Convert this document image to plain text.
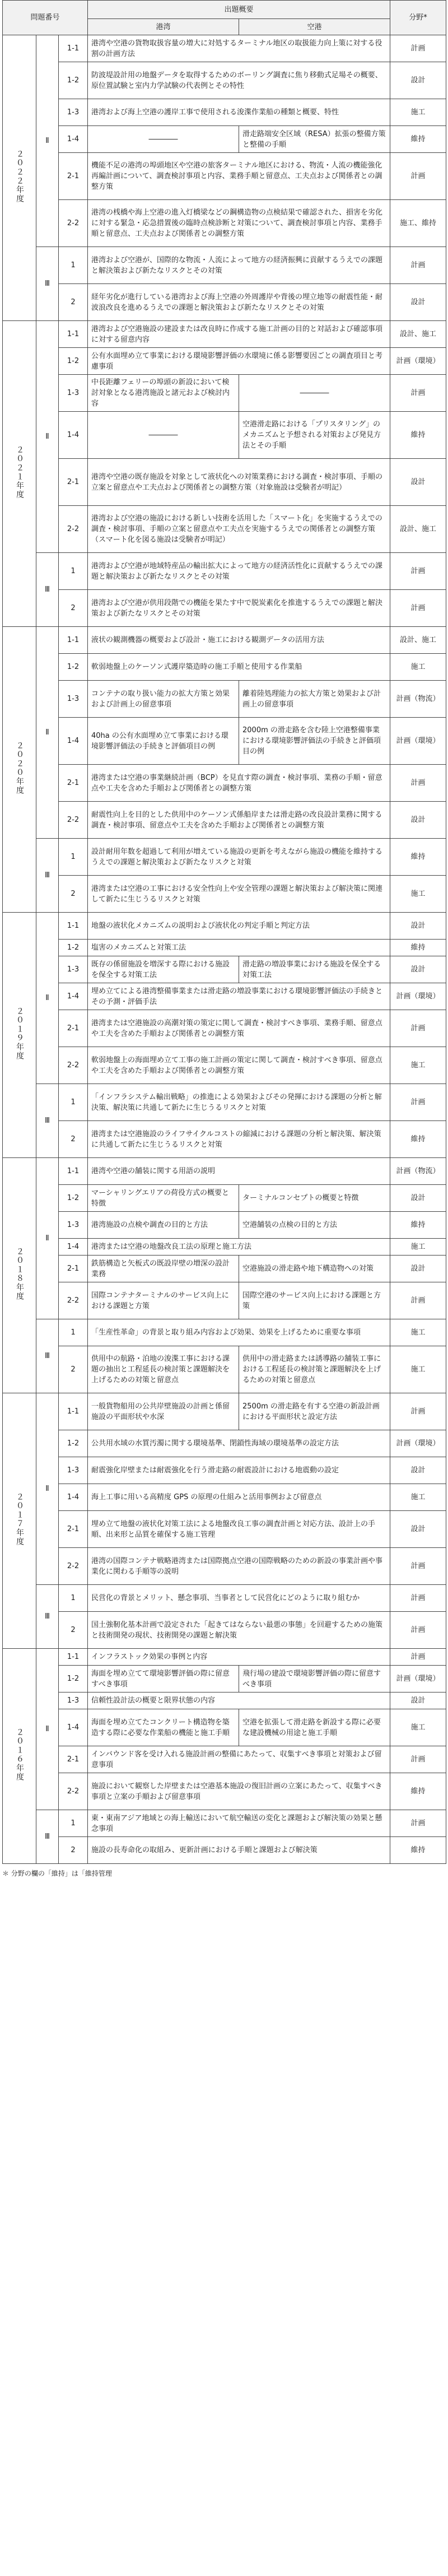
問題番号			出題概要		分野*
			港湾	空港	
２０２２年度	Ⅱ	1-1	港湾や空港の貨物取扱容量の増大に対処するターミナル地区の取扱能力向上策に対する役割の計画方法		計画
		1-2	防波堤設計用の地盤データを取得するためのボーリング調査に焦り移動式足場その概要、原位置試験と室内力学試験の代表例とその特性		設計
		1-3	港湾および海上空港の護岸工事で使用される浚渫作業船の種類と概要、特性		施工
		1-4	――――	滑走路端安全区域（RESA）拡張の整備方策と整備の手順	維持
		2-1	機能不足の港湾の埠頭地区や空港の旅客ターミナル地区における、物流・人流の機能強化再編計画について、調査検討事項と内容、業務手順と留意点、工夫点および関係者との調整方策		計画
		2-2	港湾の桟橋や海上空港の進入灯橋梁などの鋼構造物の点検結果で確認された、損害を劣化に対する緊急・応急措置後の臨時点検診断と対策について、調査検討事項と内容、業務手順と留意点、工夫点および関係者との調整方策		施工、維持
	Ⅲ	1	港湾および空港が、国際的な物流・人流によって地方の経済振興に貢献するうえでの課題と解決策および新たなリスクとその対策		計画
		2	経年劣化が進行している港湾および海上空港の外周護岸や背後の埋立地等の耐震性能・耐波浪改良を進めるうえでの課題と解決策および新たなリスクとその対策		設計
２０２１年度	Ⅱ	1-1	港湾および空港施設の建設または改良時に作成する施工計画の目的と対話および確認事項に対する留意内容		設計、施工
		1-2	公有水面埋め立て事業における環境影響評価の水環境に係る影響要因ごとの調査項目と考慮事項		計画（環境）
		1-3	中長距離フェリーの埠頭の新設において検討対象となる港湾施設と諸元および検討内容	――――	計画
		1-4	――――	空港滑走路における「プリスタリング」のメカニズムと予想される対策および発見方法とその手順	維持
		2-1	港湾や空港の既存施設を対象として液状化への対策業務における調査・検討事項、手順の立案と留意点や工夫点および関係者との調整方策（対象施設は受験者が明記）		設計
		2-2	港湾および空港の施設における新しい技術を活用した「スマート化」を実施するうえでの調査・検討事項、手順の立案と留意点や工夫点を実施するうえでの関係者との調整方策（スマート化を図る施設は受験者が明記）		設計、施工
	Ⅲ	1	港湾および空港が地域特産品の輸出拡大によって地方の経済活性化に貢献するうえでの課題と解決策および新たなリスクとその対策		計画
		2	港湾および空港が供用段階での機能を果たす中で脱炭素化を推進するうえでの課題と解決策および新たなリスクとその対策		計画
２０２０年度	Ⅱ	1-1	液状の観測機器の概要および設計・施工における観測データの活用方法		設計、施工
		1-2	軟弱地盤上のケーソン式護岸築造時の施工手順と使用する作業船		施工
		1-3	コンテナの取り扱い能力の拡大方策と効果および計画上の留意事項	離着陸処理能力の拡大方策と効果および計画上の留意事項	計画（物流）
		1-4	40ha の公有水面埋め立て事業における環境影響評価法の手続きと評価項目の例	2000m の滑走路を含む陸上空港整備事業における環境影響評価法の手続きと評価項目の例	計画（環境）
		2-1	港湾または空港の事業継続計画（BCP）を見直す際の調査・検討事項、業務の手順・留意点や工夫を含めた手順および関係者との調整方策		計画
		2-2	耐震性向上を目的とした供用中のケーソン式係船岸または滑走路の改良設計業務に関する調査・検討事項、留意点や工夫を含めた手順および関係者との調整方策		設計
	Ⅲ	1	設計耐用年数を超過して利用が増えている施設の更新を考えながら施設の機能を維持するうえでの課題と解決策および新たなリスクと対策		維持
		2	港湾または空港の工事における安全性向上や安全管理の課題と解決策および解決策に関連して新たに生じうるリスクと対策		施工
２０１９年度	Ⅱ	1-1	地盤の液状化メカニズムの説明および液状化の判定手順と判定方法		設計
		1-2	塩害のメカニズムと対策工法		維持
		1-3	既存の係留施設を増深する際における施設を保全する対策工法	滑走路の増設事業における施設を保全する対策工法	設計
		1-4	埋め立てによる港湾整備事業または滑走路の増設事業における環境影響評価法の手続きとその予測・評価手法		計画（環境）
		2-1	港湾または空港施設の高潮対策の策定に関して調査・検討すべき事項、業務手順、留意点や工夫を含めた手順および関係者との調整方策		計画
		2-2	軟弱地盤上の海面埋め立て工事の施工計画の策定に関して調査・検討すべき事項、留意点や工夫を含めた手順および関係者との調整方策		施工
	Ⅲ	1	「インフラシステム輸出戦略」の推進による効果およびその発揮における課題の分析と解決策、解決策に共通して新たに生じうるリスクと対策		計画
		2	港湾または空港施設のライフサイクルコストの縮減における課題の分析と解決策、解決策に共通して新たに生じうるリスクと対策		維持
２０１８年度	Ⅱ	1-1	港湾や空港の舗装に関する用語の説明		計画（物流）
		1-2	マーシャリングエリアの荷役方式の概要と特徴	ターミナルコンセプトの概要と特徴	設計
		1-3	港湾施設の点検や調査の目的と方法	空港舗装の点検の目的と方法	維持
		1-4	港湾または空港の地盤改良工法の原理と施工方法		施工
		2-1	鉄筋構造と矢板式の既設岸壁の増深の設計業務	空港施設の滑走路や地下構造物への対策	設計
		2-2	国際コンテナターミナルのサービス向上における課題と方策	国際空港のサービス向上における課題と方策	計画
	Ⅲ	1	「生産性革命」の背景と取り組み内容および効果、効果を上げるために重要な事項		施工
		2	供用中の航路・泊地の浚渫工事における課題の抽出と工程延長の検討策と課題解決を上げるための対策と留意点	供用中の滑走路または誘導路の舗装工事における工程延長の検討策と課題解決を上げるための対策と留意点	施工
２０１７年度	Ⅱ	1-1	一般貨物船用の公共岸壁施設の計画と係留施設の平面形状や水深	2500m の滑走路を有する空港の新設計画における平面形状と設定方法	計画
		1-2	公共用水域の水質汚濁に関する環境基準、閉鎖性海域の環境基準の設定方法		計画（環境）
		1-3	耐震強化岸壁または耐震強化を行う滑走路の耐震設計における地震動の設定		設計
		1-4	海上工事に用いる高精度 GPS の原理の仕組みと活用事例および留意点		施工
		2-1	埋め立て地盤の液状化対策工法による地盤改良工事の調査計画と対応方法、設計上の手順、出来形と品質を確保する施工管理		設計
		2-2	港湾の国際コンテナ戦略港湾または国際拠点空港の国際戦略のための新設の事業計画や事業化に関わる手順等の説明		計画
	Ⅲ	1	民営化の背景とメリット、懸念事項、当事者として民営化にどのように取り組むか		計画
		2	国土強靭化基本計画で設定された「起きてはならない最悪の事態」を回避するための施策と技術開発の現状、技術開発の課題と解決策		計画
２０１６年度	Ⅱ	1-1	インフラストック効果の事例と内容		計画
		1-2	海面を埋め立てて環境影響評価の際に留意すべき事項	飛行場の建設で環境影響評価の際に留意すべき事項	計画（環境）
		1-3	信頼性設計法の概要と限界状態の内容		設計
		1-4	海面を埋め立てたコンクリート構造物を築造する際に必要な作業船の機能と施工手順	空港を拡張して滑走路を新設する際に必要な建設機械の用途と施工手順	施工
		2-1	インバウンド客を受け入れる施設計画の整備にあたって、収集すべき事項と対策および留意事項		計画
		2-2	施設において観察した岸壁または空港基本施設の復旧計画の立案にあたって、収集すべき事項と立案の手順および留意事項		維持
	Ⅲ	1	東・東南アジア地域との海上輸送において航空輸送の変化と課題および解決策の効果と懸念事項		計画
		2	施設の長寿命化の取組み、更新計画における手順と課題および解決策		維持
＊ 分野の欄の「維持」は「維持管理
